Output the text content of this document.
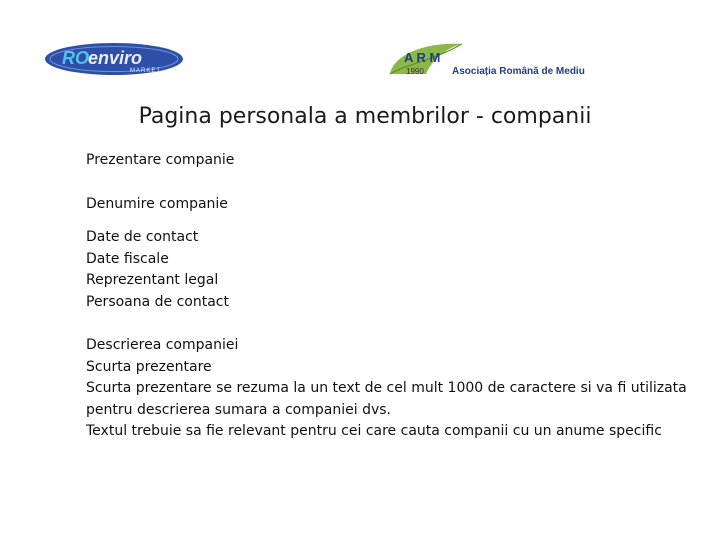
RO enviro
MARKET
A R M
1990	Asociația Română de Mediu
Pagina personala a membrilor - companii
Prezentare companie
Denumire companie
Date de contact
Date fiscale
Reprezentant legal
Persoana de contact
Descrierea companiei
Scurta prezentare
Scurta prezentare se rezuma la un text de cel mult 1000 de caractere si va fi utilizata pentru descrierea sumara a companiei dvs.
Textul trebuie sa fie relevant pentru cei care cauta companii cu un anume specific
